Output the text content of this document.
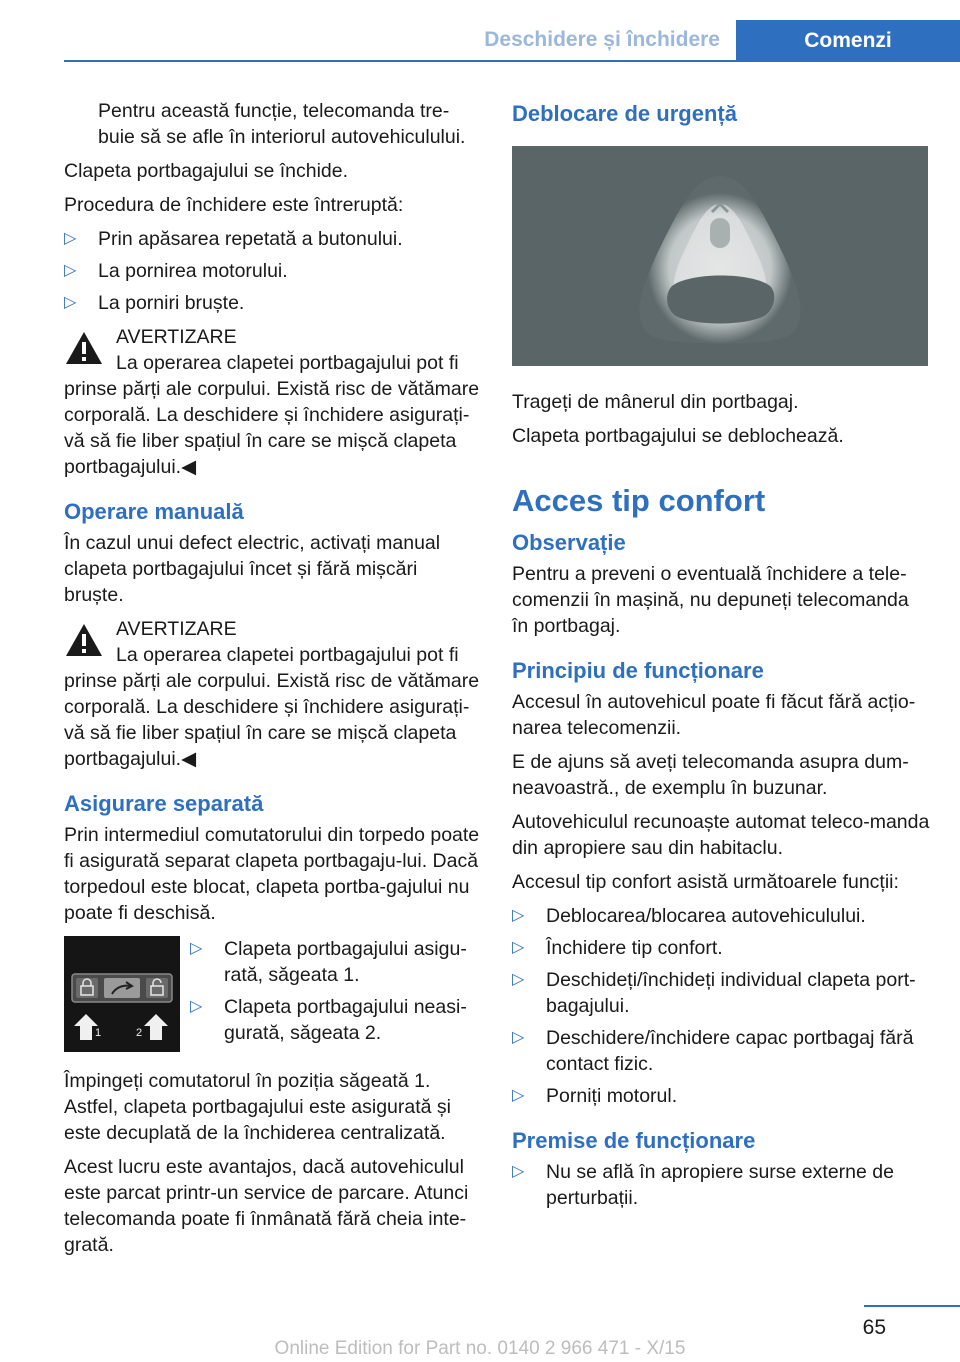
Deschidere și închidere	Comenzi

Pentru această funcție, telecomanda tre-buie să se afle în interiorul autovehiculului.

Clapeta portbagajului se închide.

Procedura de închidere este întreruptă:

▷ Prin apăsarea repetată a butonului.
▷ La pornirea motorului.
▷ La porniri bruște.
AVERTIZARE
La operarea clapetei portbagajului pot fi
prinse părți ale corpului. Există risc de vătămare corporală. La deschidere și închidere asigurați-vă să fie liber spațiul în care se mișcă clapeta portbagajului.◀
Operare manuală

În cazul unui defect electric, activați manual clapeta portbagajului încet și fără mișcări bruște.

AVERTIZARE
La operarea clapetei portbagajului pot fi
prinse părți ale corpului. Există risc de vătămare corporală. La deschidere și închidere asigurați-vă să fie liber spațiul în care se mișcă clapeta portbagajului.◀
Asigurare separată

Prin intermediul comutatorului din torpedo poate fi asigurată separat clapeta portbagaju-lui. Dacă torpedoul este blocat, clapeta portba-gajului nu poate fi deschisă.

1	2
▷ Clapeta portbagajului asigu-rată, săgeata 1.
▷ Clapeta portbagajului neasi-gurată, săgeata 2.

Împingeți comutatorul în poziția săgeată 1. Astfel, clapeta portbagajului este asigurată și este decuplată de la închiderea centralizată.

Acest lucru este avantajos, dacă autovehiculul este parcat printr-un service de parcare. Atunci telecomanda poate fi înmânată fără cheia inte-grată.

Deblocare de urgență

Trageți de mânerul din portbagaj.

Clapeta portbagajului se deblochează.

Acces tip confort
Observație

Pentru a preveni o eventuală închidere a tele-comenzii în mașină, nu depuneți telecomanda în portbagaj.

Principiu de funcționare

Accesul în autovehicul poate fi făcut fără acțio-narea telecomenzii.

E de ajuns să aveți telecomanda asupra dum-neavoastră., de exemplu în buzunar.

Autovehiculul recunoaște automat teleco-manda din apropiere sau din habitaclu.

Accesul tip confort asistă următoarele funcții:

▷ Deblocarea/blocarea autovehiculului.
▷ Închidere tip confort.
▷ Deschideți/închideți individual clapeta port-bagajului.
▷ Deschidere/închidere capac portbagaj fără contact fizic.
▷ Porniți motorul.
Premise de funcționare
▷ Nu se află în apropiere surse externe de perturbații.
65
Online Edition for Part no. 0140 2 966 471 - X/15
